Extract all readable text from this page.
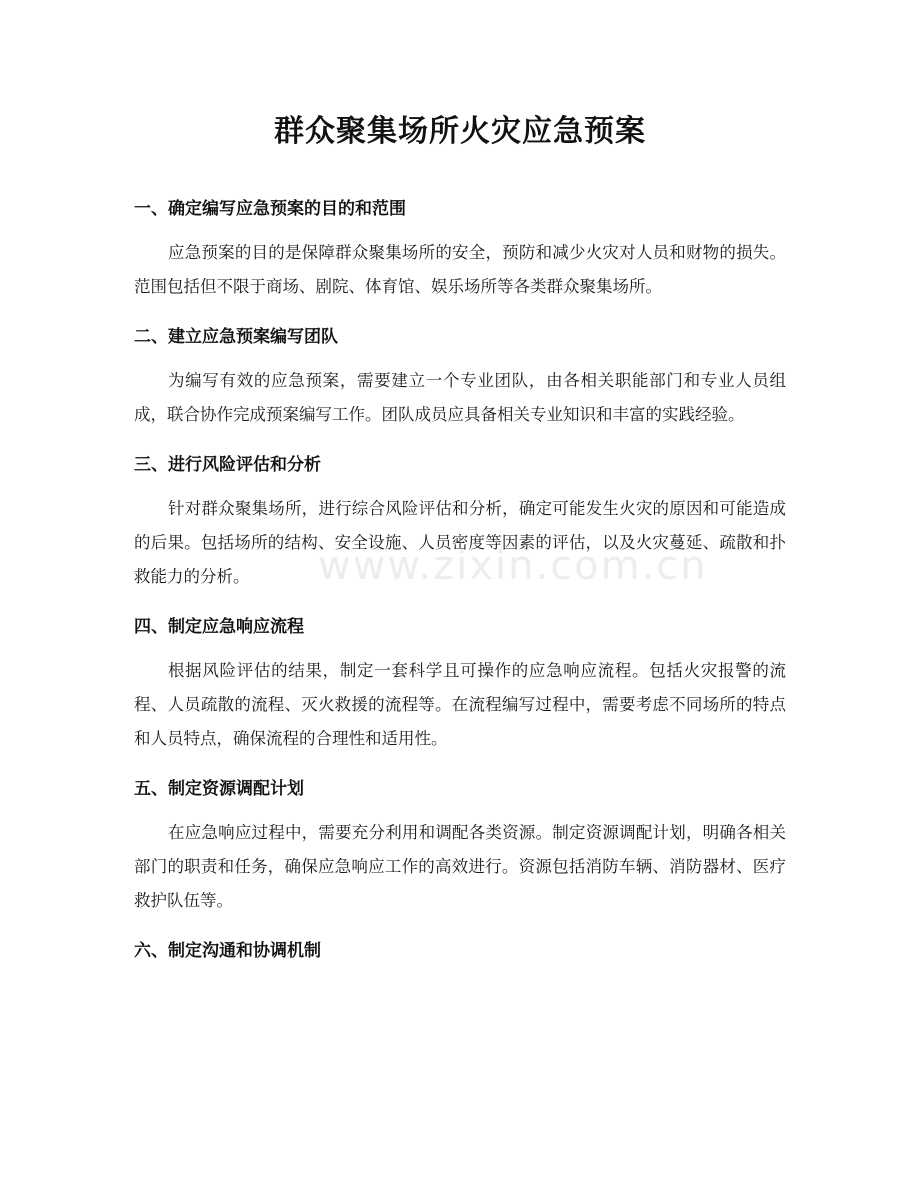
群众聚集场所火灾应急预案
一、确定编写应急预案的目的和范围

应急预案的目的是保障群众聚集场所的安全，预防和减少火灾对人员和财物的损失。范围包括但不限于商场、剧院、体育馆、娱乐场所等各类群众聚集场所。

二、建立应急预案编写团队

为编写有效的应急预案，需要建立一个专业团队，由各相关职能部门和专业人员组成，联合协作完成预案编写工作。团队成员应具备相关专业知识和丰富的实践经验。

三、进行风险评估和分析

针对群众聚集场所，进行综合风险评估和分析，确定可能发生火灾的原因和可能造成的后果。包括场所的结构、安全设施、人员密度等因素的评估，以及火灾蔓延、疏散和扑救能力的分析。

四、制定应急响应流程

根据风险评估的结果，制定一套科学且可操作的应急响应流程。包括火灾报警的流程、人员疏散的流程、灭火救援的流程等。在流程编写过程中，需要考虑不同场所的特点和人员特点，确保流程的合理性和适用性。

五、制定资源调配计划

在应急响应过程中，需要充分利用和调配各类资源。制定资源调配计划，明确各相关部门的职责和任务，确保应急响应工作的高效进行。资源包括消防车辆、消防器材、医疗救护队伍等。

六、制定沟通和协调机制
www.zixin.com.cn
